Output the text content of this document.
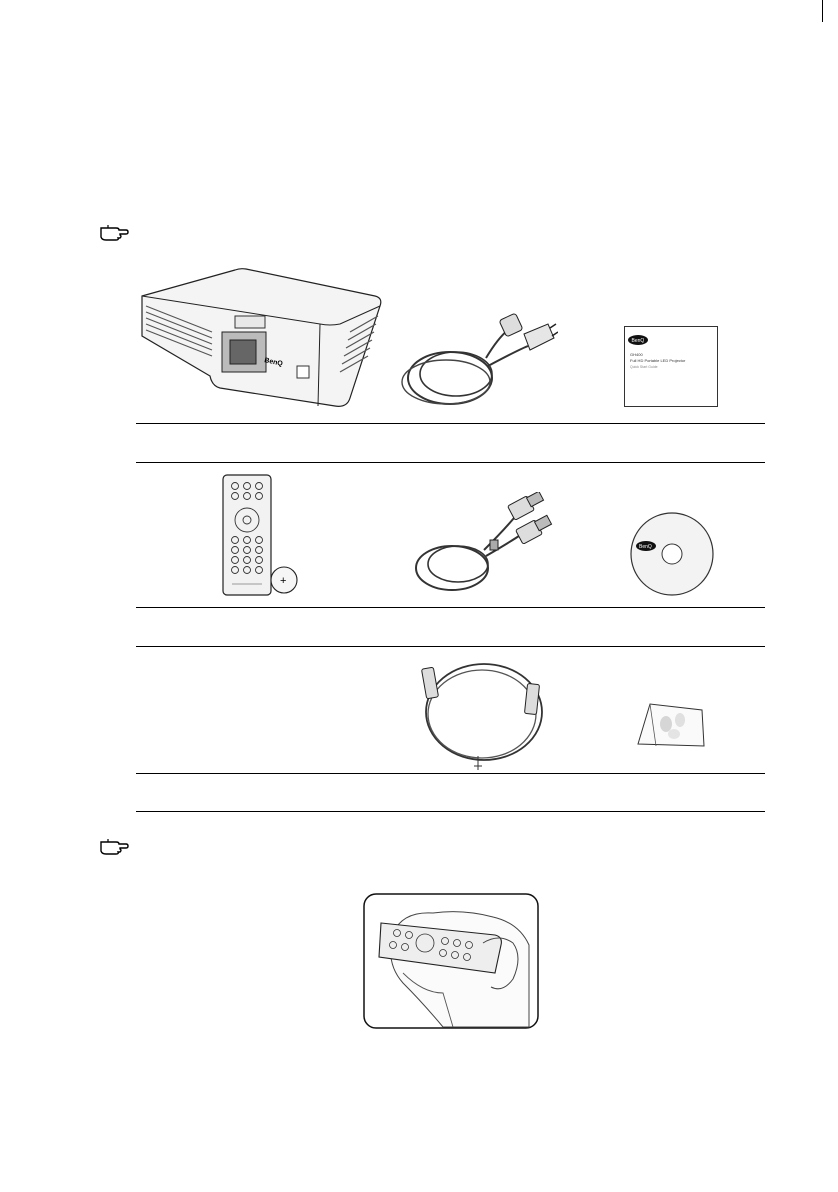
BenQ
BenQ
GH400
Full HD Portable LED Projector
Quick Start Guide
+
BenQ
